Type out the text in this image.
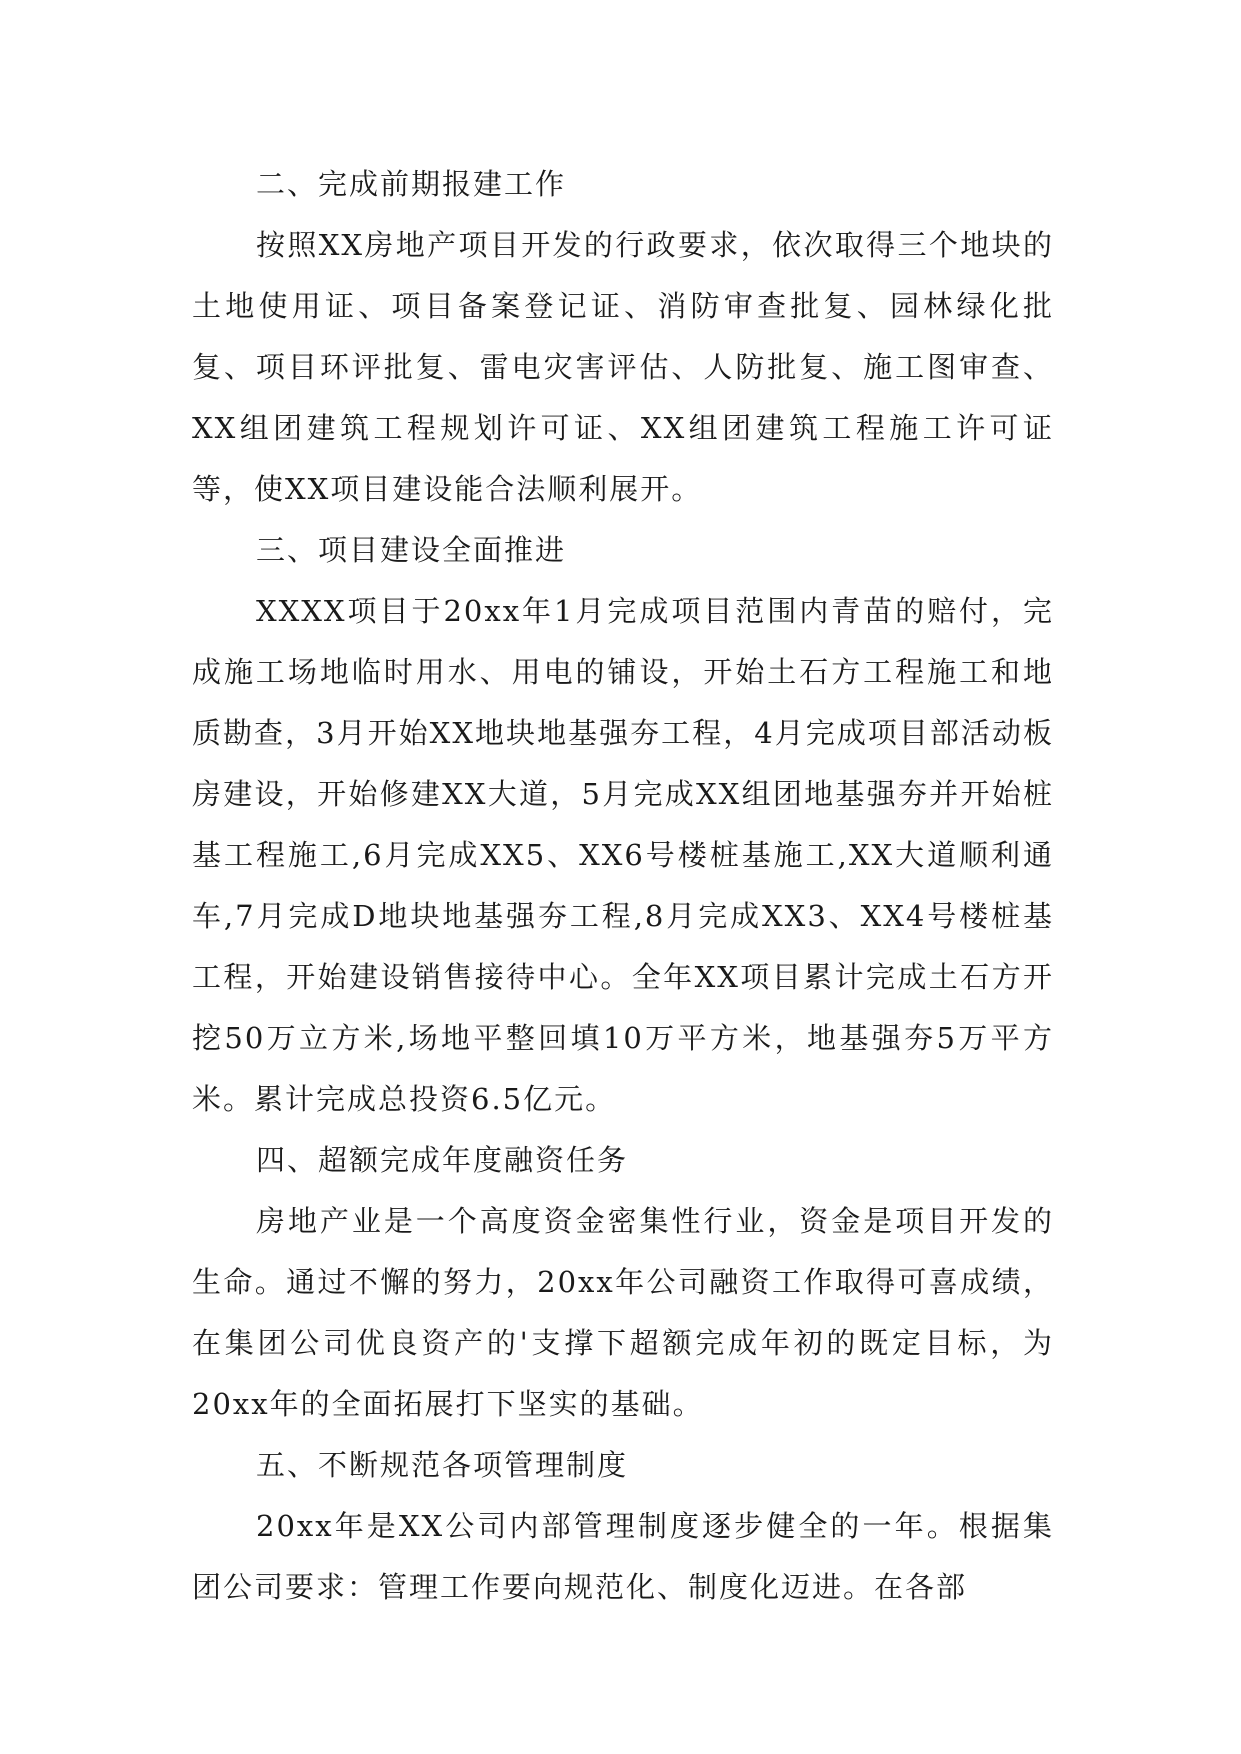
二、完成前期报建工作

按照XX房地产项目开发的行政要求，依次取得三个地块的土地使用证、项目备案登记证、消防审查批复、园林绿化批复、项目环评批复、雷电灾害评估、人防批复、施工图审查、XX组团建筑工程规划许可证、XX组团建筑工程施工许可证等，使XX项目建设能合法顺利展开。

三、项目建设全面推进

XXXX项目于20xx年1月完成项目范围内青苗的赔付，完成施工场地临时用水、用电的铺设，开始土石方工程施工和地质勘查，3月开始XX地块地基强夯工程，4月完成项目部活动板房建设，开始修建XX大道，5月完成XX组团地基强夯并开始桩基工程施工,6月完成XX5、XX6号楼桩基施工,XX大道顺利通车,7月完成D地块地基强夯工程,8月完成XX3、XX4号楼桩基工程，开始建设销售接待中心。全年XX项目累计完成土石方开挖50万立方米,场地平整回填10万平方米，地基强夯5万平方米。累计完成总投资6.5亿元。

四、超额完成年度融资任务

房地产业是一个高度资金密集性行业，资金是项目开发的生命。通过不懈的努力，20xx年公司融资工作取得可喜成绩，在集团公司优良资产的'支撑下超额完成年初的既定目标，为20xx年的全面拓展打下坚实的基础。

五、不断规范各项管理制度

20xx年是XX公司内部管理制度逐步健全的一年。根据集团公司要求：管理工作要向规范化、制度化迈进。在各部
